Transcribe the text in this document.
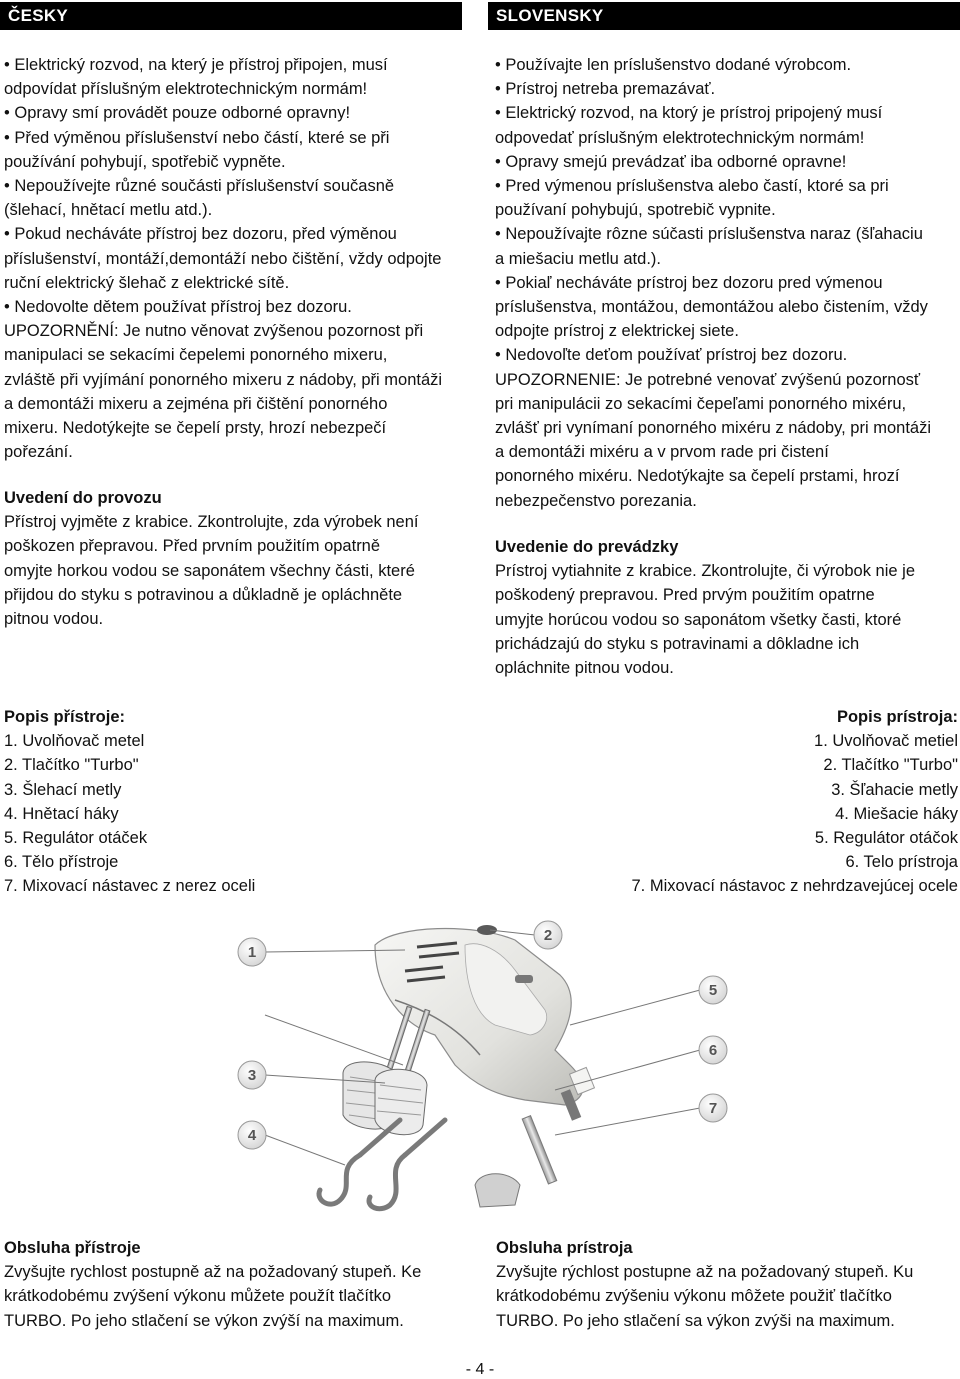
ČESKY	SLOVENSKY

• Elektrický rozvod, na který je přístroj připojen, musí

odpovídat příslušným elektrotechnickým normám!

• Opravy smí provádět pouze odborné opravny!

• Před výměnou příslušenství nebo částí, které se při

používání pohybují, spotřebič vypněte.

• Nepoužívejte různé součásti příslušenství současně

(šlehací, hnětací metlu atd.).

• Pokud necháváte přístroj bez dozoru, před výměnou

příslušenství, montáží,demontáží nebo čištění, vždy odpojte

ruční elektrický šlehač z elektrické sítě.

• Nedovolte dětem používat přístroj bez dozoru.

UPOZORNĚNÍ: Je nutno věnovat zvýšenou pozornost při

manipulaci se sekacími čepelemi ponorného mixeru,

zvláště při vyjímání ponorného mixeru z nádoby, při montáži

a demontáži mixeru a zejména při čištění ponorného

mixeru. Nedotýkejte se čepelí prsty, hrozí nebezpečí

pořezání.

Uvedení do provozu

Přístroj vyjměte z krabice. Zkontrolujte, zda výrobek není

poškozen přepravou. Před prvním použitím opatrně

omyjte horkou vodou se saponátem všechny části, které

přijdou do styku s potravinou a důkladně je opláchněte

pitnou vodou.

• Používajte len príslušenstvo dodané výrobcom.

• Prístroj netreba premazávať.

• Elektrický rozvod, na ktorý je prístroj pripojený musí

odpovedať príslušným elektrotechnickým normám!

• Opravy smejú prevádzať iba odborné opravne!

• Pred výmenou príslušenstva alebo častí, ktoré sa pri

používaní pohybujú, spotrebič vypnite.

• Nepoužívajte rôzne súčasti príslušenstva naraz (šľahaciu

a miešaciu metlu atd.).

• Pokiaľ necháváte prístroj bez dozoru pred výmenou

príslušenstva, montážou, demontážou alebo čistením, vždy

odpojte prístroj z elektrickej siete.

• Nedovoľte deťom používať prístroj bez dozoru.

UPOZORNENIE: Je potrebné venovať zvýšenú pozornosť

pri manipulácii zo sekacími čepeľami ponorného mixéru,

zvlášť pri vynímaní ponorného mixéru z nádoby, pri montáži

a demontáži mixéru a v prvom rade pri čistení

ponorného mixéru. Nedotýkajte sa čepelí prstami, hrozí

nebezpečenstvo porezania.

Uvedenie do prevádzky

Prístroj vytiahnite z krabice. Zkontrolujte, či výrobok nie je

poškodený prepravou. Pred prvým použitím opatrne

umyjte horúcou vodou so saponátom všetky časti, ktoré

prichádzajú do styku s potravinami a dôkladne ich

opláchnite pitnou vodou.

Popis přístroje:

1. Uvolňovač metel

2. Tlačítko "Turbo"

3. Šlehací metly

4. Hnětací háky

5. Regulátor otáček

6. Tělo přístroje

7. Mixovací nástavec z nerez oceli

Popis prístroja:

1. Uvolňovač metiel

2. Tlačítko "Turbo"

3. Šľahacie metly

4. Miešacie háky

5. Regulátor otáčok

6. Telo prístroja

7. Mixovací nástavoc z nehrdzavejúcej ocele

1
2
3
4
5
6
7

Obsluha přístroje

Zvyšujte rychlost postupně až na požadovaný stupeň. Ke

krátkodobému zvýšení výkonu můžete použít tlačítko

TURBO. Po jeho stlačení se výkon zvýší na maximum.

Obsluha prístroja

Zvyšujte rýchlost postupne až na požadovaný stupeň. Ku

krátkodobému zvýšeniu výkonu môžete použiť tlačítko

TURBO. Po jeho stlačení sa výkon zvýši na maximum.

- 4 -
